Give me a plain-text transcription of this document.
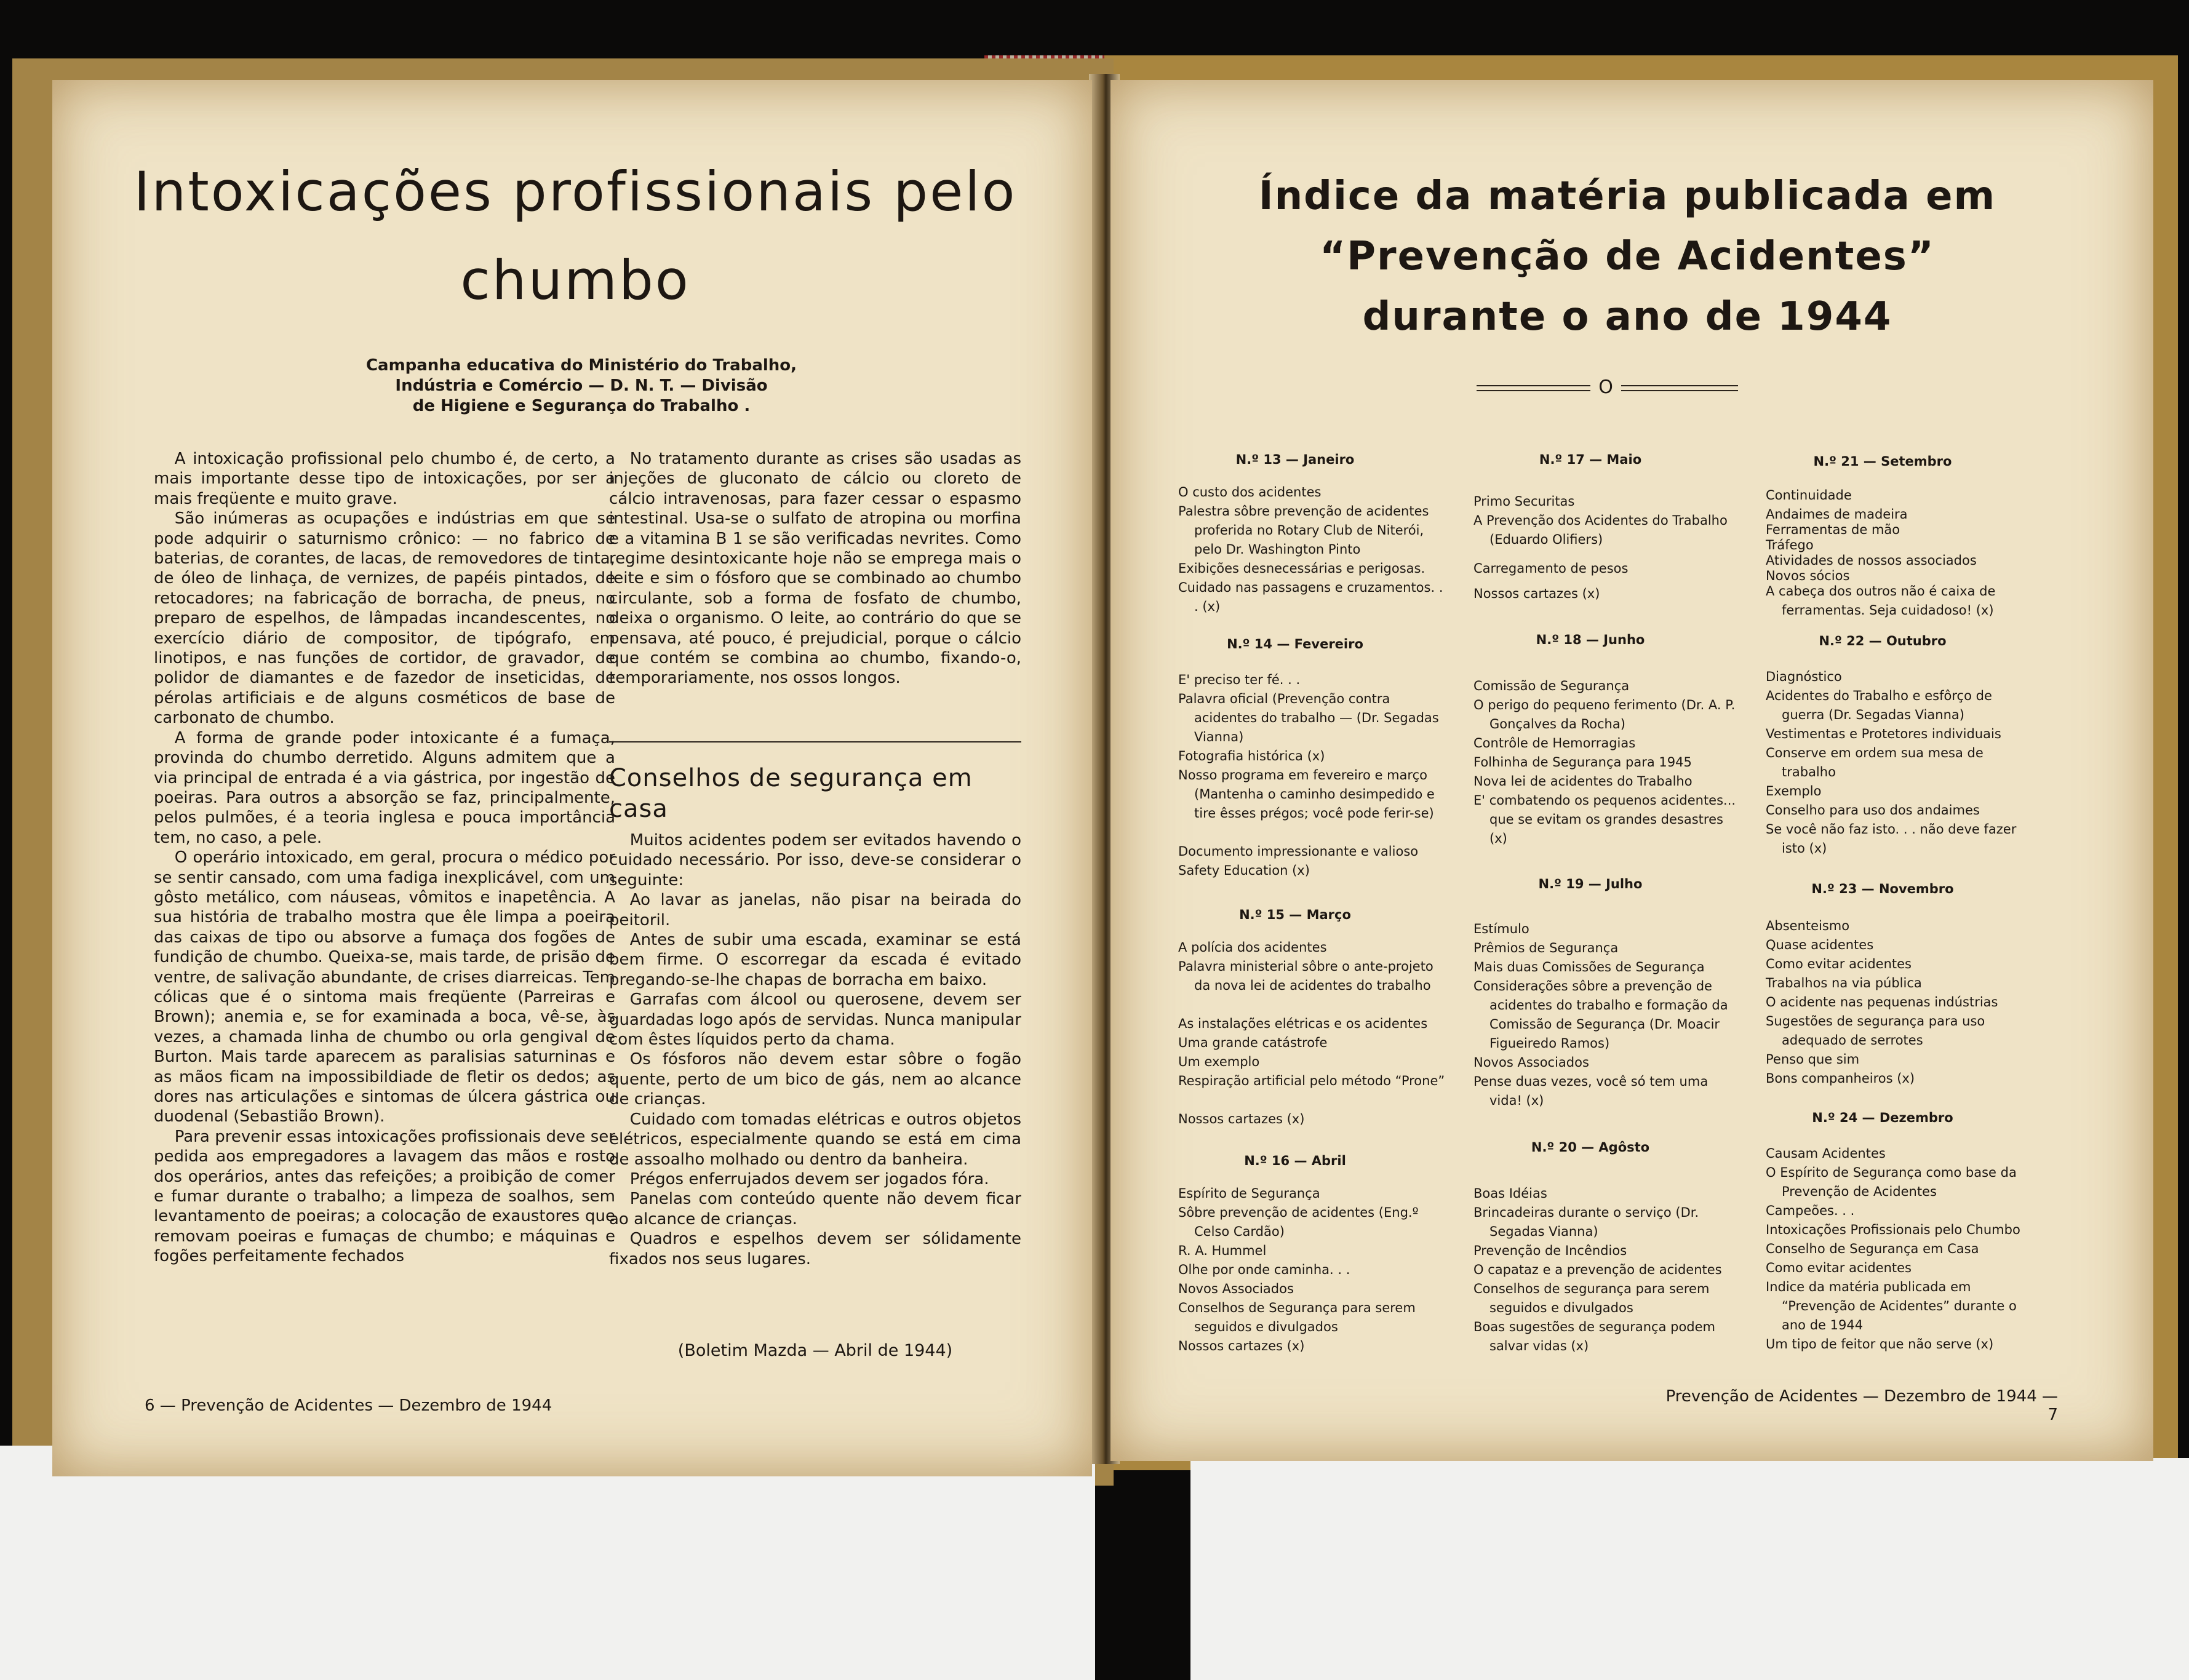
Intoxicações profissionais pelo chumbo
Campanha educativa do Ministério do Trabalho,
Indústria e Comércio — D. N. T. — Divisão
de Higiene e Segurança do Trabalho .

A intoxicação profissional pelo chumbo é, de certo, a mais importante desse tipo de intoxicações, por ser a mais freqüente e muito grave.

São inúmeras as ocupações e indústrias em que se pode adquirir o saturnismo crônico: — no fabrico de baterias, de corantes, de lacas, de removedores de tinta, de óleo de linhaça, de vernizes, de papéis pintados, de retocadores; na fabricação de borracha, de pneus, no preparo de espelhos, de lâmpadas incandescentes, no exercício diário de compositor, de tipógrafo, em linotipos, e nas funções de cortidor, de gravador, de polidor de diamantes e de fazedor de inseticidas, de pérolas artificiais e de alguns cosméticos de base de carbonato de chumbo.

A forma de grande poder intoxicante é a fumaça, provinda do chumbo derretido. Alguns admitem que a via principal de entrada é a via gástrica, por ingestão de poeiras. Para outros a absorção se faz, principalmente, pelos pulmões, é a teoria inglesa e pouca importância tem, no caso, a pele.

O operário intoxicado, em geral, procura o médico por se sentir cansado, com uma fadiga inexplicável, com um gôsto metálico, com náuseas, vômitos e inapetência. A sua história de trabalho mostra que êle limpa a poeira das caixas de tipo ou absorve a fumaça dos fogões de fundição de chumbo. Queixa-se, mais tarde, de prisão de ventre, de salivação abundante, de crises diarreicas. Tem cólicas que é o sintoma mais freqüente (Parreiras e Brown); anemia e, se for examinada a boca, vê-se, às vezes, a chamada linha de chumbo ou orla gengival de Burton. Mais tarde aparecem as paralisias saturninas e as mãos ficam na impossibildiade de fletir os dedos; as dores nas articulações e sintomas de úlcera gástrica ou duodenal (Sebastião Brown).

Para prevenir essas intoxicações profissionais deve ser pedida aos empregadores a lavagem das mãos e rosto dos operários, antes das refeições; a proibição de comer e fumar durante o trabalho; a limpeza de soalhos, sem levantamento de poeiras; a colocação de exaustores que removam poeiras e fumaças de chumbo; e máquinas e fogões perfeitamente fechados

No tratamento durante as crises são usadas as injeções de gluconato de cálcio ou cloreto de cálcio intravenosas, para fazer cessar o espasmo intestinal. Usa-se o sulfato de atropina ou morfina e a vitamina B 1 se são verificadas nevrites. Como regime desintoxicante hoje não se emprega mais o leite e sim o fósforo que se combinado ao chumbo circulante, sob a forma de fosfato de chumbo, deixa o organismo. O leite, ao contrário do que se pensava, até pouco, é prejudicial, porque o cálcio que contém se combina ao chumbo, fixando-o, temporariamente, nos ossos longos.

Conselhos de segurança em casa

Muitos acidentes podem ser evitados havendo o cuidado necessário. Por isso, deve-se considerar o seguinte:

Ao lavar as janelas, não pisar na beirada do peitoril.

Antes de subir uma escada, examinar se está bem firme. O escorregar da escada é evitado pregando-se-lhe chapas de borracha em baixo.

Garrafas com álcool ou querosene, devem ser guardadas logo após de servidas. Nunca manipular com êstes líquidos perto da chama.

Os fósforos não devem estar sôbre o fogão quente, perto de um bico de gás, nem ao alcance de crianças.

Cuidado com tomadas elétricas e outros objetos elétricos, especialmente quando se está em cima de assoalho molhado ou dentro da banheira.

Prégos enferrujados devem ser jogados fóra.

Panelas com conteúdo quente não devem ficar ao alcance de crianças.

Quadros e espelhos devem ser sólidamente fixados nos seus lugares.

(Boletim Mazda — Abril de 1944)
6 — Prevenção de Acidentes — Dezembro de 1944
Índice da matéria publicada em
“Prevenção de Acidentes”
durante o ano de 1944
O
N.º 13 — Janeiro
O custo dos acidentes
Palestra sôbre prevenção de acidentes proferida no Rotary Club de Niterói, pelo Dr. Washington Pinto
Exibições desnecessárias e perigosas.
Cuidado nas passagens e cruzamentos. . . (x)
N.º 14 — Fevereiro
E' preciso ter fé. . .
Palavra oficial (Prevenção contra acidentes do trabalho — (Dr. Segadas Vianna)
Fotografia histórica (x)
Nosso programa em fevereiro e março (Mantenha o caminho desimpedido e tire êsses prégos; você pode ferir-se)
Documento impressionante e valioso
Safety Education (x)
N.º 15 — Março
A polícia dos acidentes
Palavra ministerial sôbre o ante-projeto da nova lei de acidentes do trabalho
As instalações elétricas e os acidentes
Uma grande catástrofe
Um exemplo
Respiração artificial pelo método “Prone”
Nossos cartazes (x)
N.º 16 — Abril
Espírito de Segurança
Sôbre prevenção de acidentes (Eng.º Celso Cardão)
R. A. Hummel
Olhe por onde caminha. . .
Novos Associados
Conselhos de Segurança para serem seguidos e divulgados
Nossos cartazes (x)
N.º 17 — Maio
Primo Securitas
A Prevenção dos Acidentes do Trabalho (Eduardo Olifiers)
Carregamento de pesos
Nossos cartazes (x)
N.º 18 — Junho
Comissão de Segurança
O perigo do pequeno ferimento (Dr. A. P. Gonçalves da Rocha)
Contrôle de Hemorragias
Folhinha de Segurança para 1945
Nova lei de acidentes do Trabalho
E' combatendo os pequenos acidentes... que se evitam os grandes desastres (x)
N.º 19 — Julho
Estímulo
Prêmios de Segurança
Mais duas Comissões de Segurança
Considerações sôbre a prevenção de acidentes do trabalho e formação da Comissão de Segurança (Dr. Moacir Figueiredo Ramos)
Novos Associados
Pense duas vezes, você só tem uma vida! (x)
N.º 20 — Agôsto
Boas Idéias
Brincadeiras durante o serviço (Dr. Segadas Vianna)
Prevenção de Incêndios
O capataz e a prevenção de acidentes
Conselhos de segurança para serem seguidos e divulgados
Boas sugestões de segurança podem salvar vidas (x)
N.º 21 — Setembro
Continuidade
Andaimes de madeira
Ferramentas de mão
Tráfego
Atividades de nossos associados
Novos sócios
A cabeça dos outros não é caixa de ferramentas. Seja cuidadoso! (x)
N.º 22 — Outubro
Diagnóstico
Acidentes do Trabalho e esfôrço de guerra (Dr. Segadas Vianna)
Vestimentas e Protetores individuais
Conserve em ordem sua mesa de trabalho
Exemplo
Conselho para uso dos andaimes
Se você não faz isto. . . não deve fazer isto (x)
N.º 23 — Novembro
Absenteismo
Quase acidentes
Como evitar acidentes
Trabalhos na via pública
O acidente nas pequenas indústrias
Sugestões de segurança para uso adequado de serrotes
Penso que sim
Bons companheiros (x)
N.º 24 — Dezembro
Causam Acidentes
O Espírito de Segurança como base da Prevenção de Acidentes
Campeões. . .
Intoxicações Profissionais pelo Chumbo
Conselho de Segurança em Casa
Como evitar acidentes
Indice da matéria publicada em “Prevenção de Acidentes” durante o ano de 1944
Um tipo de feitor que não serve (x)
Prevenção de Acidentes — Dezembro de 1944 — 7
